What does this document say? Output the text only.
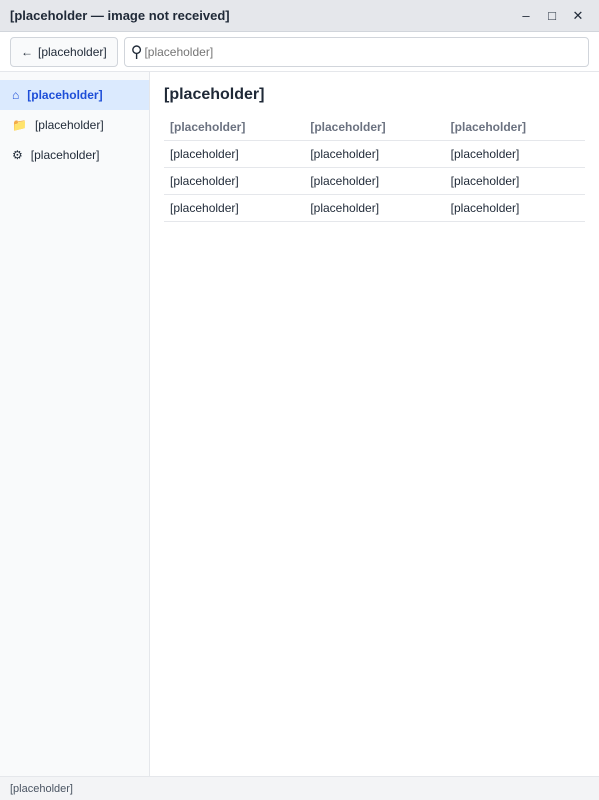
[placeholder — image not received]	–	□	✕
← [placeholder] ⚲
[placeholder]
⌂ [placeholder]
📁 [placeholder]
⚙ [placeholder]
[placeholder]
[placeholder]	[placeholder]	[placeholder]
[placeholder]	[placeholder]	[placeholder]
[placeholder]	[placeholder]	[placeholder]
[placeholder]	[placeholder]	[placeholder]
[placeholder]
